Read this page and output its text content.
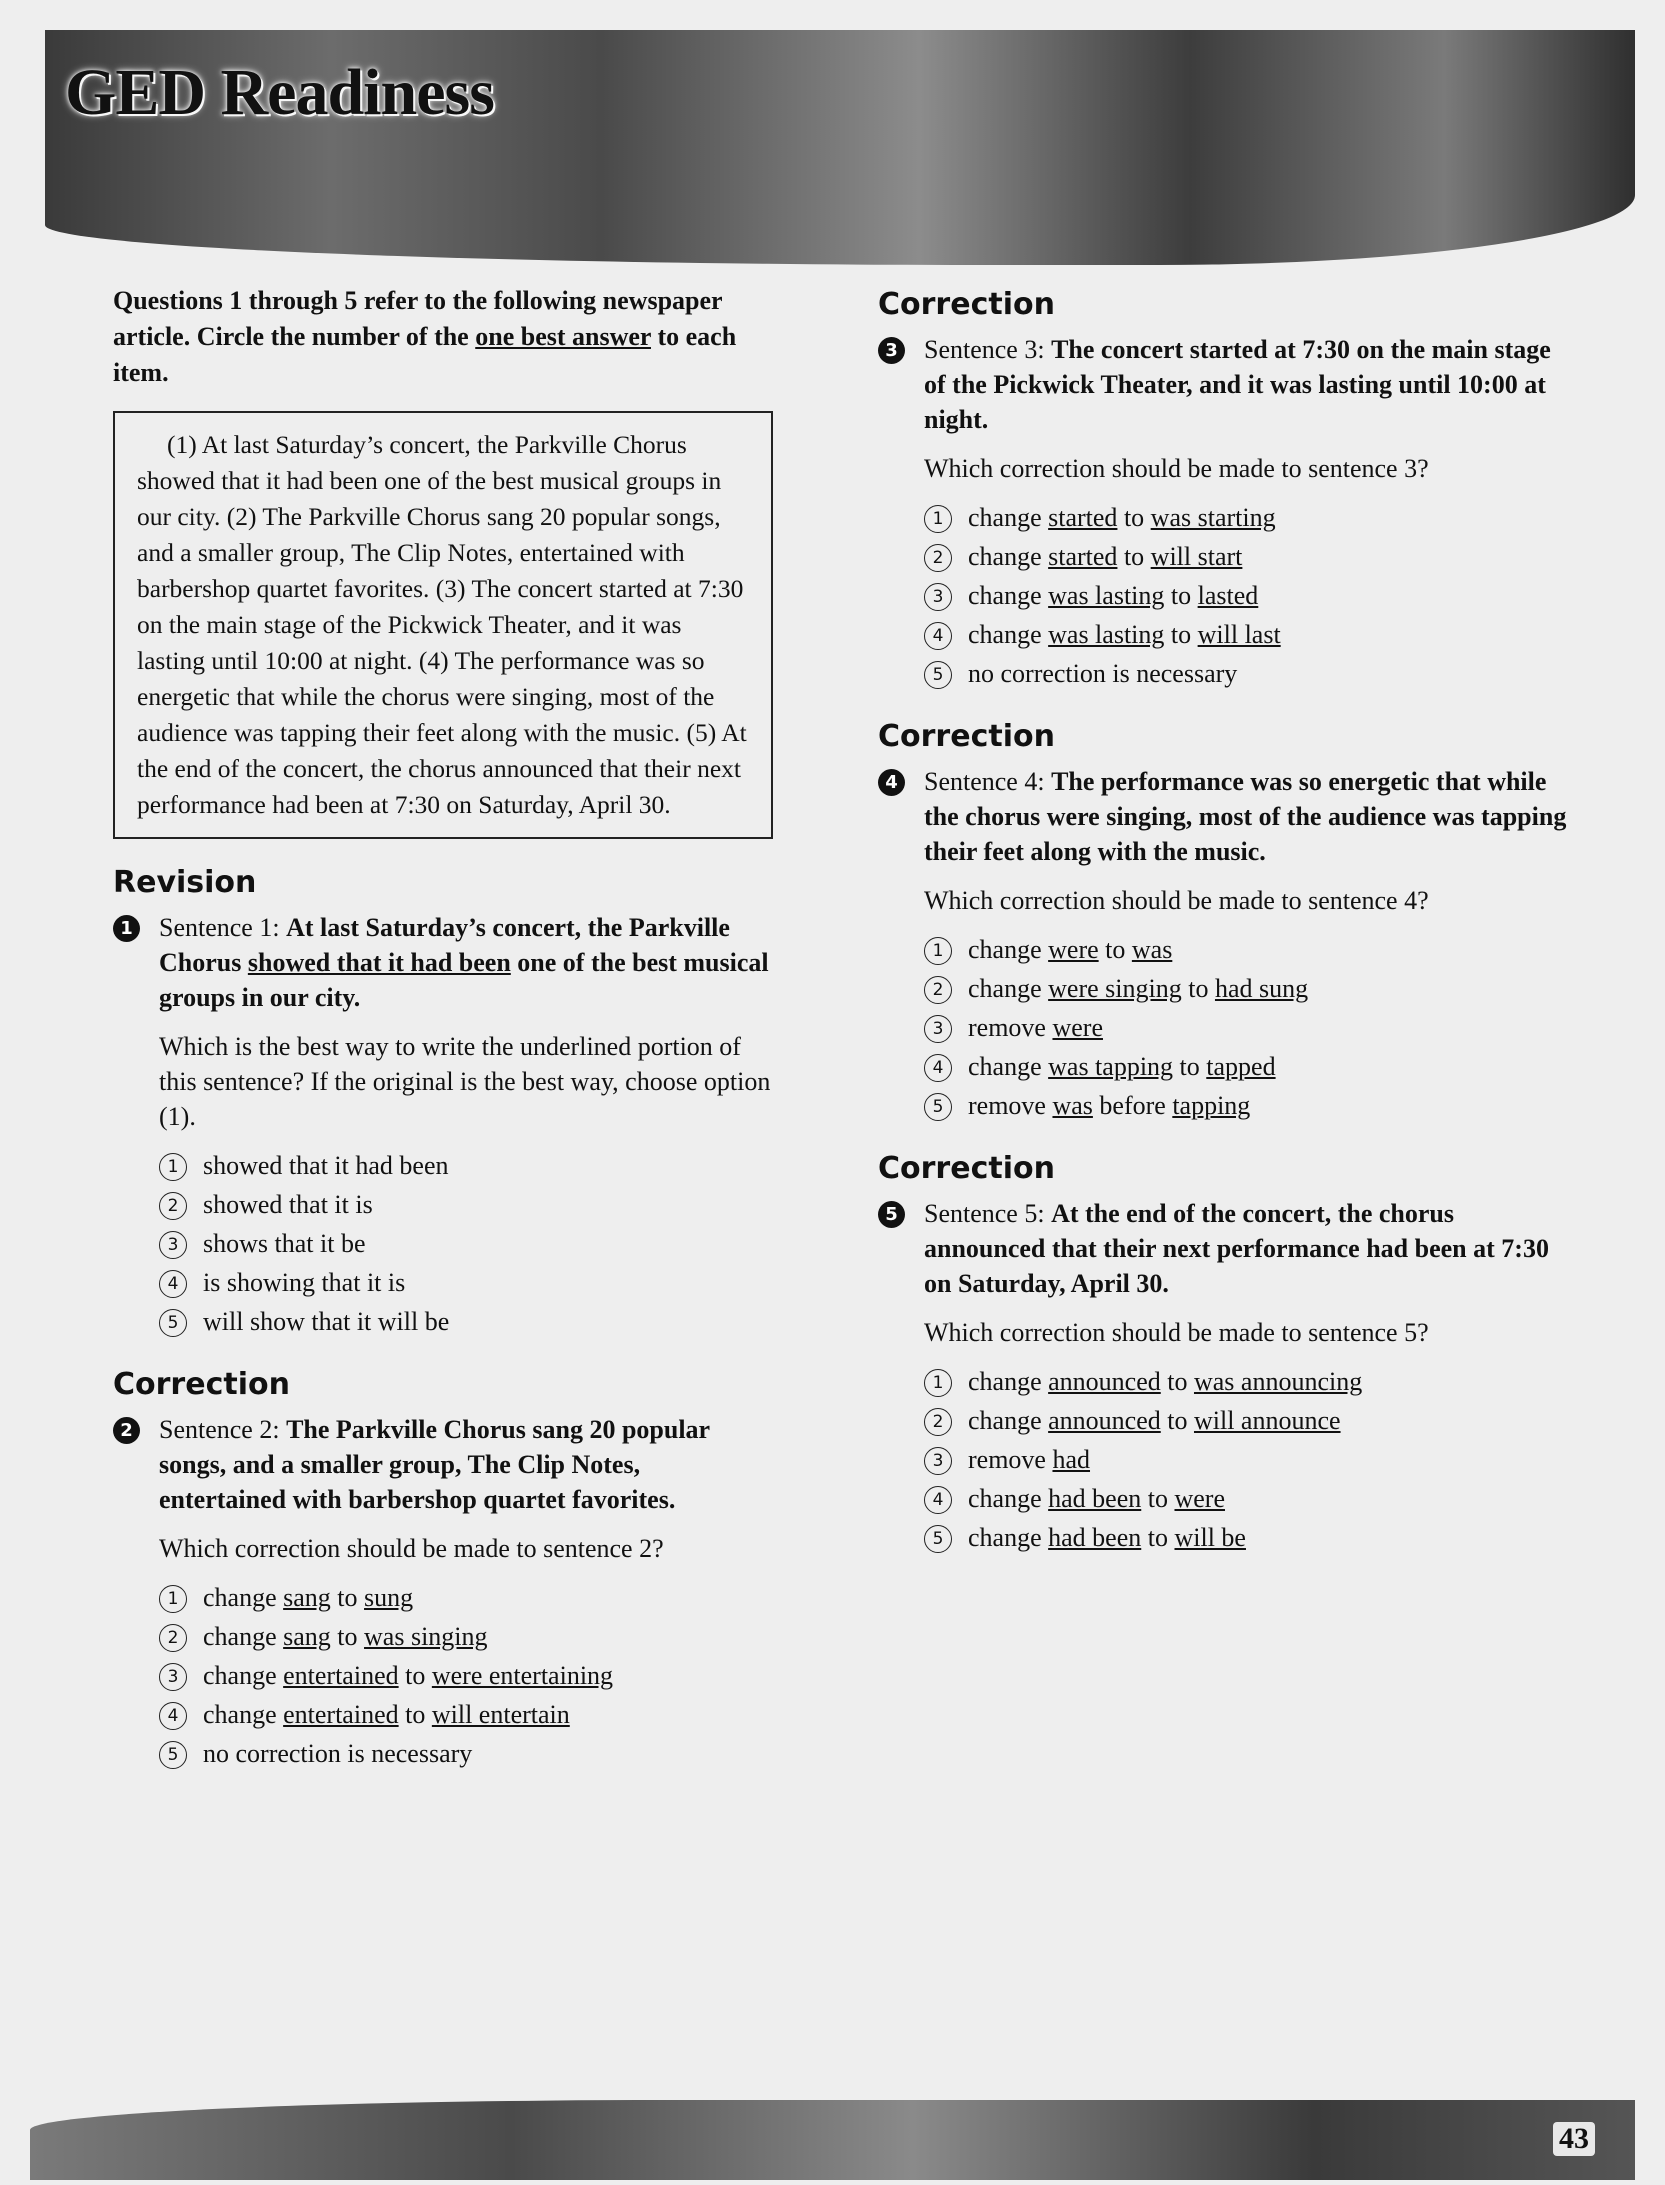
GED Readiness

Questions 1 through 5 refer to the following newspaper article. Circle the number of the one best answer to each item.

(1) At last Saturday’s concert, the Parkville Chorus showed that it had been one of the best musical groups in our city. (2) The Parkville Chorus sang 20 popular songs, and a smaller group, The Clip Notes, entertained with barbershop quartet favorites. (3) The concert started at 7:30 on the main stage of the Pickwick Theater, and it was lasting until 10:00 at night. (4) The performance was so energetic that while the chorus were singing, most of the audience was tapping their feet along with the music. (5) At the end of the concert, the chorus announced that their next performance had been at 7:30 on Saturday, April 30.

Revision
1 Sentence 1: At last Saturday’s concert, the Parkville Chorus showed that it had been one of the best musical groups in our city.
Which is the best way to write the underlined portion of this sentence? If the original is the best way, choose option (1).
1 showed that it had been
2 showed that it is
3 shows that it be
4 is showing that it is
5 will show that it will be
Correction
2 Sentence 2: The Parkville Chorus sang 20 popular songs, and a smaller group, The Clip Notes, entertained with barbershop quartet favorites.
Which correction should be made to sentence 2?
1 change sang to sung
2 change sang to was singing
3 change entertained to were entertaining
4 change entertained to will entertain
5 no correction is necessary
Correction
3 Sentence 3: The concert started at 7:30 on the main stage of the Pickwick Theater, and it was lasting until 10:00 at night.
Which correction should be made to sentence 3?
1 change started to was starting
2 change started to will start
3 change was lasting to lasted
4 change was lasting to will last
5 no correction is necessary
Correction
4 Sentence 4: The performance was so energetic that while the chorus were singing, most of the audience was tapping their feet along with the music.
Which correction should be made to sentence 4?
1 change were to was
2 change were singing to had sung
3 remove were
4 change was tapping to tapped
5 remove was before tapping
Correction
5 Sentence 5: At the end of the concert, the chorus announced that their next performance had been at 7:30 on Saturday, April 30.
Which correction should be made to sentence 5?
1 change announced to was announcing
2 change announced to will announce
3 remove had
4 change had been to were
5 change had been to will be
43
